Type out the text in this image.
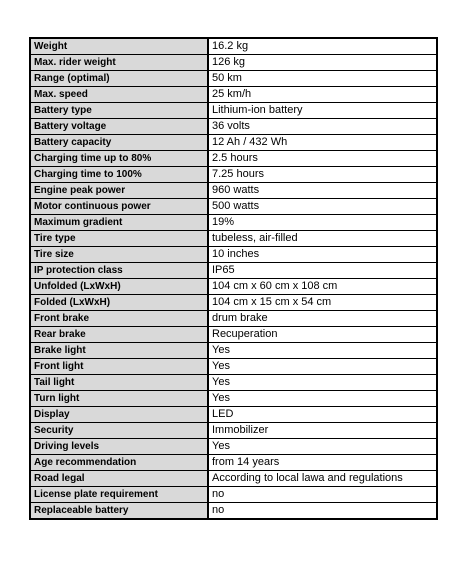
Weight	16.2 kg
Max. rider weight	126 kg
Range (optimal)	50 km
Max. speed	25 km/h
Battery type	Lithium-ion battery
Battery voltage	36 volts
Battery capacity	12 Ah / 432 Wh
Charging time up to 80%	2.5 hours
Charging time to 100%	7.25 hours
Engine peak power	960 watts
Motor continuous power	500 watts
Maximum gradient	19%
Tire type	tubeless, air-filled
Tire size	10 inches
IP protection class	IP65
Unfolded (LxWxH)	104 cm x 60 cm x 108 cm
Folded (LxWxH)	104 cm x 15 cm x 54 cm
Front brake	drum brake
Rear brake	Recuperation
Brake light	Yes
Front light	Yes
Tail light	Yes
Turn light	Yes
Display	LED
Security	Immobilizer
Driving levels	Yes
Age recommendation	from 14 years
Road legal	According to local lawa and regulations
License plate requirement	no
Replaceable battery	no
